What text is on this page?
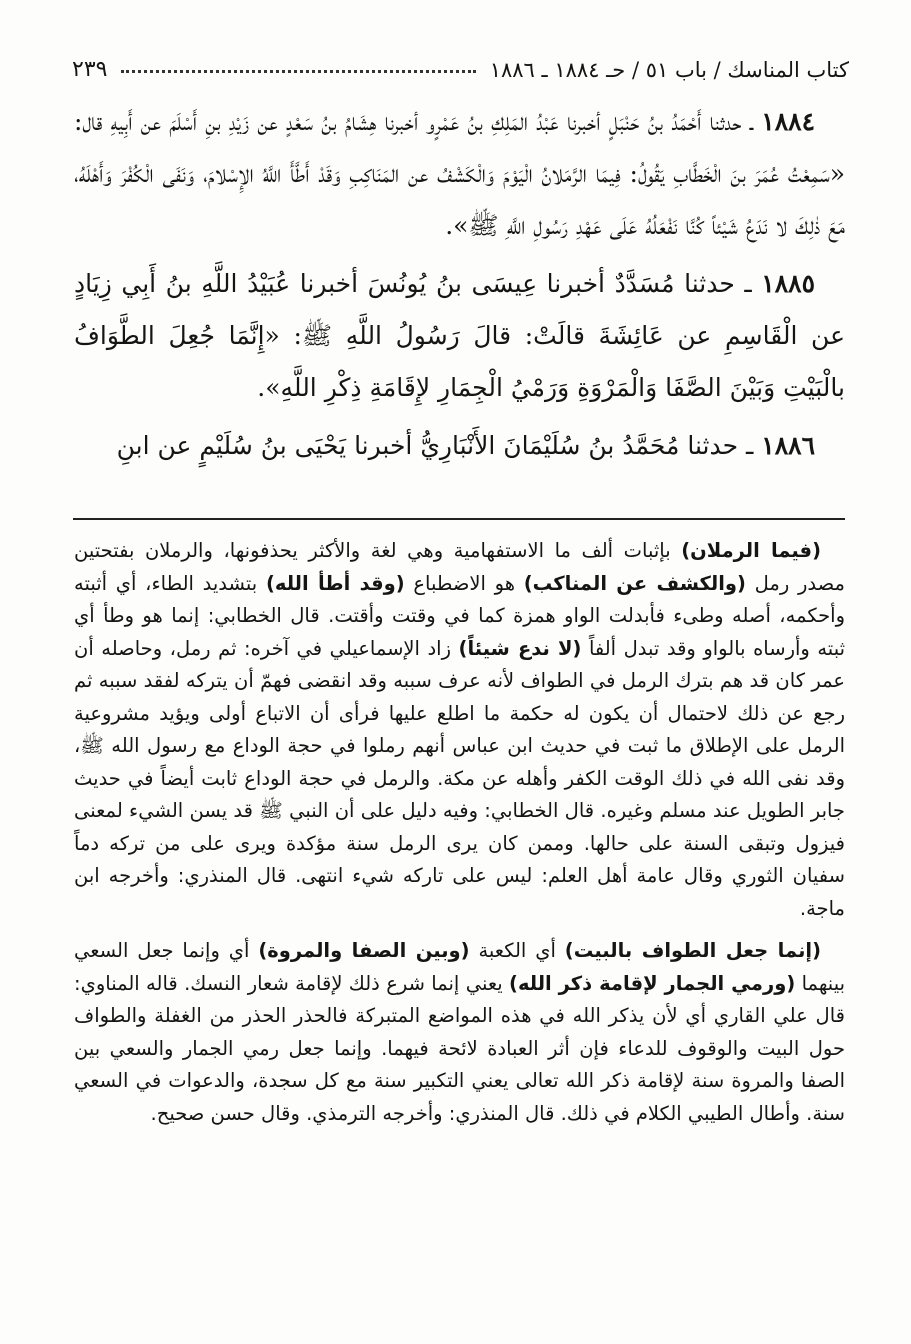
كتاب المناسك / باب ٥١ / حـ ١٨٨٤ ـ ١٨٨٦
٢٣٩

١٨٨٤ ـ حدثنا أَحْمَدُ بنُ حَنْبَلٍ أخبرنا عَبْدُ المَلِكِ بنُ عَمْرٍو أخبرنا هِشَامُ بنُ سَعْدٍ عن زَيْدِ بنِ أَسْلَمَ عن أَبِيهِ قال: «سَمِعْتُ عُمَرَ بنَ الْخَطَّابِ يَقُولُ: فِيمَا الرَّمَلانُ الْيَوْمَ وَالْكَشْفُ عن المَنَاكِبِ وَقَدْ أَطَّأَ اللَّهُ الإِسْلامَ، وَنَفَى الْكُفْرَ وَأَهْلَهُ، مَعَ ذٰلِكَ لا نَدَعُ شَيْئاً كُنَّا نَفْعَلُهُ عَلَى عَهْدِ رَسُولِ اللَّهِ ﷺ».

١٨٨٥ ـ حدثنا مُسَدَّدٌ أخبرنا عِيسَى بنُ يُونُسَ أخبرنا عُبَيْدُ اللَّهِ بنُ أَبِي زِيَادٍ عن الْقَاسِمِ عن عَائِشَةَ قالَتْ: قالَ رَسُولُ اللَّهِ ﷺ: «إِنَّمَا جُعِلَ الطَّوَافُ بالْبَيْتِ وَبَيْنَ الصَّفَا وَالْمَرْوَةِ وَرَمْيُ الْجِمَارِ لإِقَامَةِ ذِكْرِ اللَّهِ».

١٨٨٦ ـ حدثنا مُحَمَّدُ بنُ سُلَيْمَانَ الأَنْبَارِيُّ أخبرنا يَحْيَى بنُ سُلَيْمٍ عن ابنِ

(فيما الرملان) بإثبات ألف ما الاستفهامية وهي لغة والأكثر يحذفونها، والرملان بفتحتين مصدر رمل (والكشف عن المناكب) هو الاضطباع (وقد أطأ الله) بتشديد الطاء، أي أثبته وأحكمه، أصله وطىء فأبدلت الواو همزة كما في وقتت وأقتت. قال الخطابي: إنما هو وطأ أي ثبته وأرساه بالواو وقد تبدل ألفاً (لا ندع شيئاً) زاد الإسماعيلي في آخره: ثم رمل، وحاصله أن عمر كان قد هم بترك الرمل في الطواف لأنه عرف سببه وقد انقضى فهمّ أن يتركه لفقد سببه ثم رجع عن ذلك لاحتمال أن يكون له حكمة ما اطلع عليها فرأى أن الاتباع أولى ويؤيد مشروعية الرمل على الإطلاق ما ثبت في حديث ابن عباس أنهم رملوا في حجة الوداع مع رسول الله ﷺ، وقد نفى الله في ذلك الوقت الكفر وأهله عن مكة. والرمل في حجة الوداع ثابت أيضاً في حديث جابر الطويل عند مسلم وغيره. قال الخطابي: وفيه دليل على أن النبي ﷺ قد يسن الشيء لمعنى فيزول وتبقى السنة على حالها. وممن كان يرى الرمل سنة مؤكدة ويرى على من تركه دماً سفيان الثوري وقال عامة أهل العلم: ليس على تاركه شيء انتهى. قال المنذري: وأخرجه ابن ماجة.

(إنما جعل الطواف بالبيت) أي الكعبة (وبين الصفا والمروة) أي وإنما جعل السعي بينهما (ورمي الجمار لإقامة ذكر الله) يعني إنما شرع ذلك لإقامة شعار النسك. قاله المناوي: قال علي القاري أي لأن يذكر الله في هذه المواضع المتبركة فالحذر الحذر من الغفلة والطواف حول البيت والوقوف للدعاء فإن أثر العبادة لائحة فيهما. وإنما جعل رمي الجمار والسعي بين الصفا والمروة سنة لإقامة ذكر الله تعالى يعني التكبير سنة مع كل سجدة، والدعوات في السعي سنة. وأطال الطيبي الكلام في ذلك. قال المنذري: وأخرجه الترمذي. وقال حسن صحيح.
